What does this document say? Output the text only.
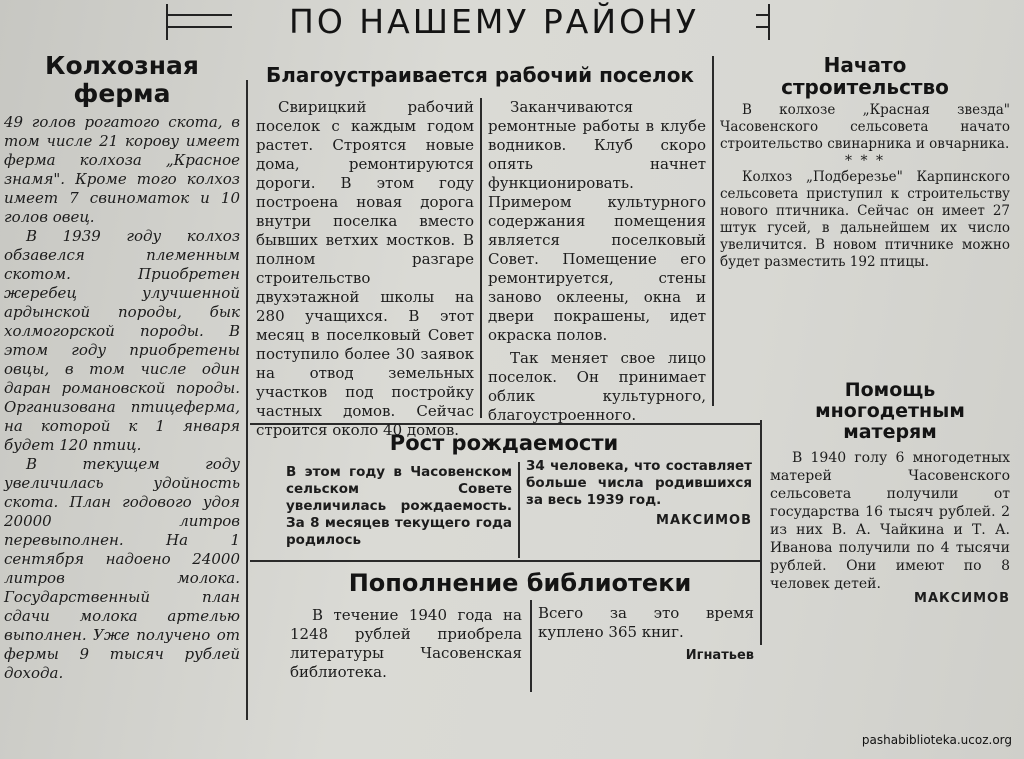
ПО НАШЕМУ РАЙОНУ
Колхозная
ферма

49 голов рогатого скота, в том числе 21 корову имеет ферма колхоза „Красное знамя". Кроме того колхоз имеет 7 свиноматок и 10 голов овец.

В 1939 году колхоз обзавелся племенным скотом. Приобретен жеребец улучшенной ардынской породы, бык холмогорской породы. В этом году приобретены овцы, в том числе один даран романовской породы. Организована птицеферма, на которой к 1 января будет 120 птиц.

В текущем году увеличилась удойность скота. План годового удоя 20000 литров перевыполнен. На 1 сентября надоено 24000 литров молока. Государственный план сдачи молока артелью выполнен. Уже получено от фермы 9 тысяч рублей дохода.

Благоустраивается рабочий поселок

Свирицкий рабочий поселок с каждым годом растет. Строятся новые дома, ремонтируются дороги. В этом году построена новая дорога внутри поселка вместо бывших ветхих мостков. В полном разгаре строительство двухэтажной школы на 280 учащихся. В этот месяц в поселковый Совет поступило более 30 заявок на отвод земельных участков под постройку частных домов. Сейчас строится около 40 домов.

Заканчиваются ремонтные работы в клубе водников. Клуб скоро опять начнет функционировать. Примером культурного содержания помещения является поселковый Совет. Помещение его ремонтируется, стены заново оклеены, окна и двери покрашены, идет окраска полов.

Так меняет свое лицо поселок. Он принимает облик культурного, благоустроенного.

Начато
строительство

В колхозе „Красная звезда" Часовенского сельсовета начато строительство свинарника и овчарника.

* * *

Колхоз „Подберезье" Карпинского сельсовета приступил к строительству нового птичника. Сейчас он имеет 27 штук гусей, в дальнейшем их число увеличится. В новом птичнике можно будет разместить 192 птицы.

Рост рождаемости

В этом году в Часовенском сельском Совете увеличилась рождаемость. За 8 месяцев текущего года родилось

34 человека, что составляет больше числа родившихся за весь 1939 год.

МАКСИМОВ
Пополнение библиотеки

В течение 1940 года на 1248 рублей приобрела литературы Часовенская библиотека.

Всего за это время куплено 365 книг.

Игнатьев
Помощь
многодетным
матерям

В 1940 голу 6 многодетных матерей Часовенского сельсовета получили от государства 16 тысяч рублей. 2 из них В. А. Чайкина и Т. А. Иванова получили по 4 тысячи рублей. Они имеют по 8 человек детей.

МАКСИМОВ
pashabiblioteka.ucoz.org
